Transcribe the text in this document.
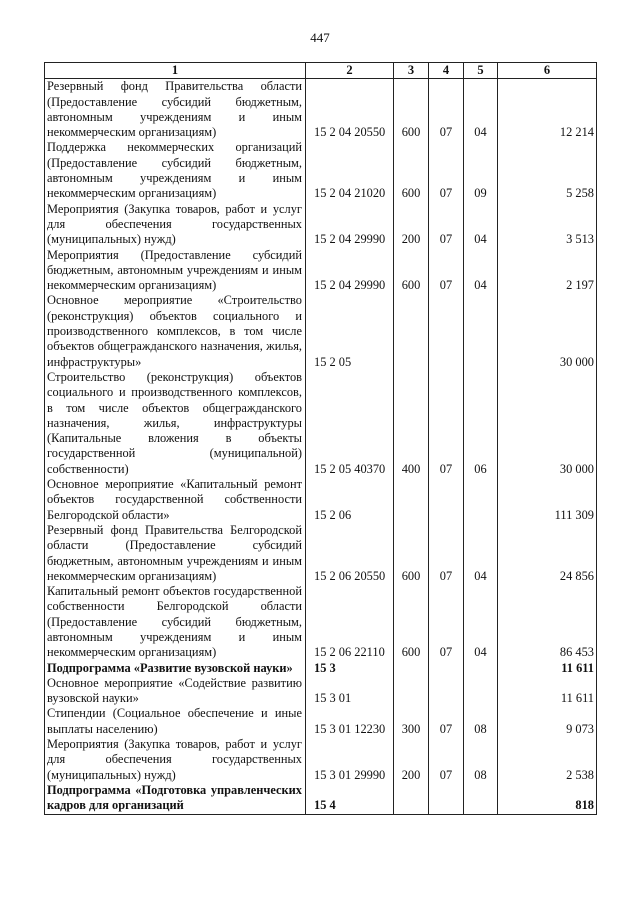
447
1	2	3	4	5	6
Резервный фонд Правительства области (Предоставление субсидий бюджетным, автономным учреждениям и иным некоммерческим организациям)	15 2 04 20550	600	07	04	12 214
Поддержка некоммерческих организаций (Предоставление субсидий бюджетным, автономным учреждениям и иным некоммерческим организациям)	15 2 04 21020	600	07	09	5 258
Мероприятия (Закупка товаров, работ и услуг для обеспечения государственных (муниципальных) нужд)	15 2 04 29990	200	07	04	3 513
Мероприятия (Предоставление субсидий бюджетным, автономным учреждениям и иным некоммерческим организациям)	15 2 04 29990	600	07	04	2 197
Основное мероприятие «Строительство (реконструкция) объектов социального и производственного комплексов, в том числе объектов общегражданского назначения, жилья, инфраструктуры»	15 2 05				30 000
Строительство (реконструкция) объектов социального и производственного комплексов, в том числе объектов общегражданского назначения, жилья, инфраструктуры (Капитальные вложения в объекты государственной (муниципальной) собственности)	15 2 05 40370	400	07	06	30 000
Основное мероприятие «Капитальный ремонт объектов государственной собственности Белгородской области»	15 2 06				111 309
Резервный фонд Правительства Белгородской области (Предоставление субсидий бюджетным, автономным учреждениям и иным некоммерческим организациям)	15 2 06 20550	600	07	04	24 856
Капитальный ремонт объектов государственной собственности Белгородской области (Предоставление субсидий бюджетным, автономным учреждениям и иным некоммерческим организациям)	15 2 06 22110	600	07	04	86 453
Подпрограмма «Развитие вузовской науки»	15 3				11 611
Основное мероприятие «Содействие развитию вузовской науки»	15 3 01				11 611
Стипендии (Социальное обеспечение и иные выплаты населению)	15 3 01 12230	300	07	08	9 073
Мероприятия (Закупка товаров, работ и услуг для обеспечения государственных (муниципальных) нужд)	15 3 01 29990	200	07	08	2 538
Подпрограмма «Подготовка управленческих кадров для организаций	15 4				818
